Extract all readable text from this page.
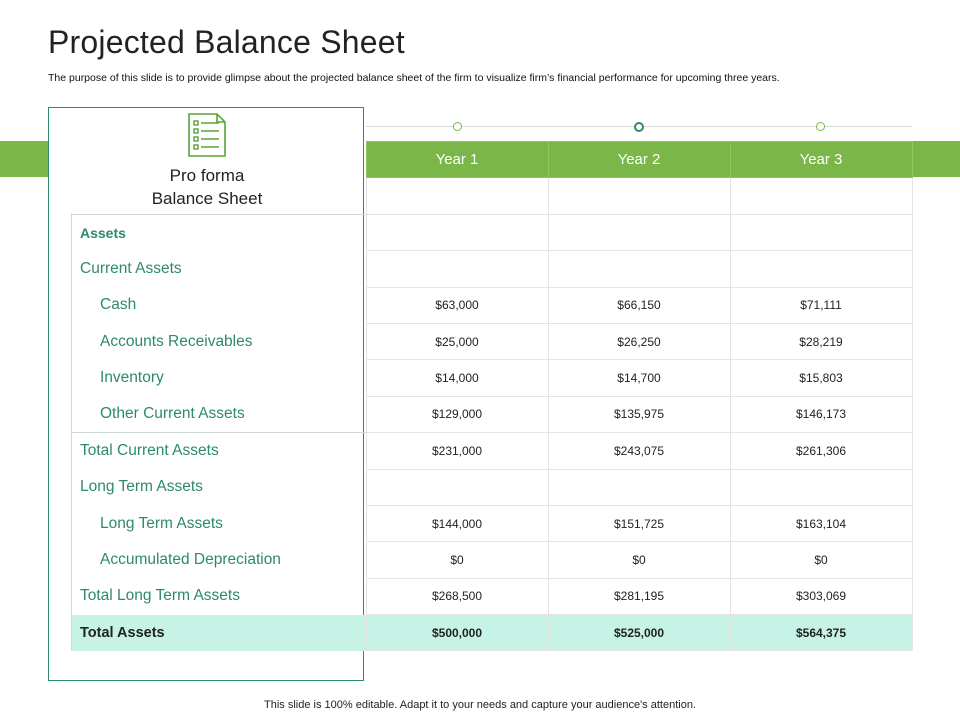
Projected Balance Sheet

The purpose of this slide is to provide glimpse about the projected balance sheet of the firm to visualize firm’s financial performance for upcoming three years.

Pro forma
Balance Sheet
	Year 1	Year 2	Year 3

Assets			
Current Assets			
Cash	$63,000	$66,150	$71,111
Accounts Receivables	$25,000	$26,250	$28,219
Inventory	$14,000	$14,700	$15,803
Other Current Assets	$129,000	$135,975	$146,173
Total Current Assets	$231,000	$243,075	$261,306
Long Term Assets			
Long Term Assets	$144,000	$151,725	$163,104
Accumulated Depreciation	$0	$0	$0
Total Long Term Assets	$268,500	$281,195	$303,069
Total Assets	$500,000	$525,000	$564,375
This slide is 100% editable. Adapt it to your needs and capture your audience's attention.
